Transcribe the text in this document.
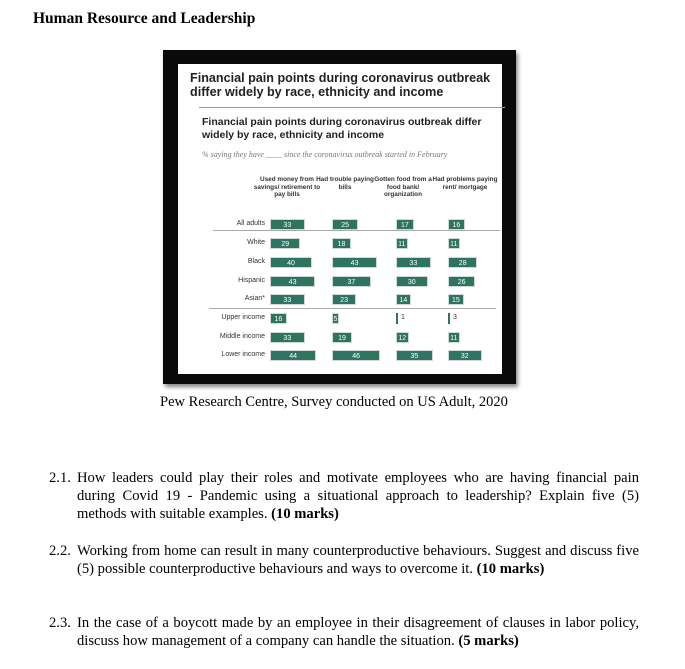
Human Resource and Leadership
Financial pain points during coronavirus outbreak differ widely by race, ethnicity and income
Financial pain points during coronavirus outbreak differ widely by race, ethnicity and income
% saying they have ____ since the coronavirus outbreak started in February
Used money from savings/ retirement to pay bills
Had trouble paying bills
Gotten food from a food bank/ organization
Had problems paying rent/ mortgage
All adults	33	25	17	16
White	29	18	11	11
Black	40	43	33	28
Hispanic	43	37	30	26
Asian*	33	23	14	15
Upper income	16	5	1	3
Middle income	33	19	12	11
Lower income	44	46	35	32
Pew Research Centre, Survey conducted on US Adult, 2020
2.1. How leaders could play their roles and motivate employees who are having financial pain during Covid 19 - Pandemic using a situational approach to leadership? Explain five (5) methods with suitable examples. (10 marks)
2.2. Working from home can result in many counterproductive behaviours. Suggest and discuss five (5) possible counterproductive behaviours and ways to overcome it. (10 marks)
2.3. In the case of a boycott made by an employee in their disagreement of clauses in labor policy, discuss how management of a company can handle the situation. (5 marks)
